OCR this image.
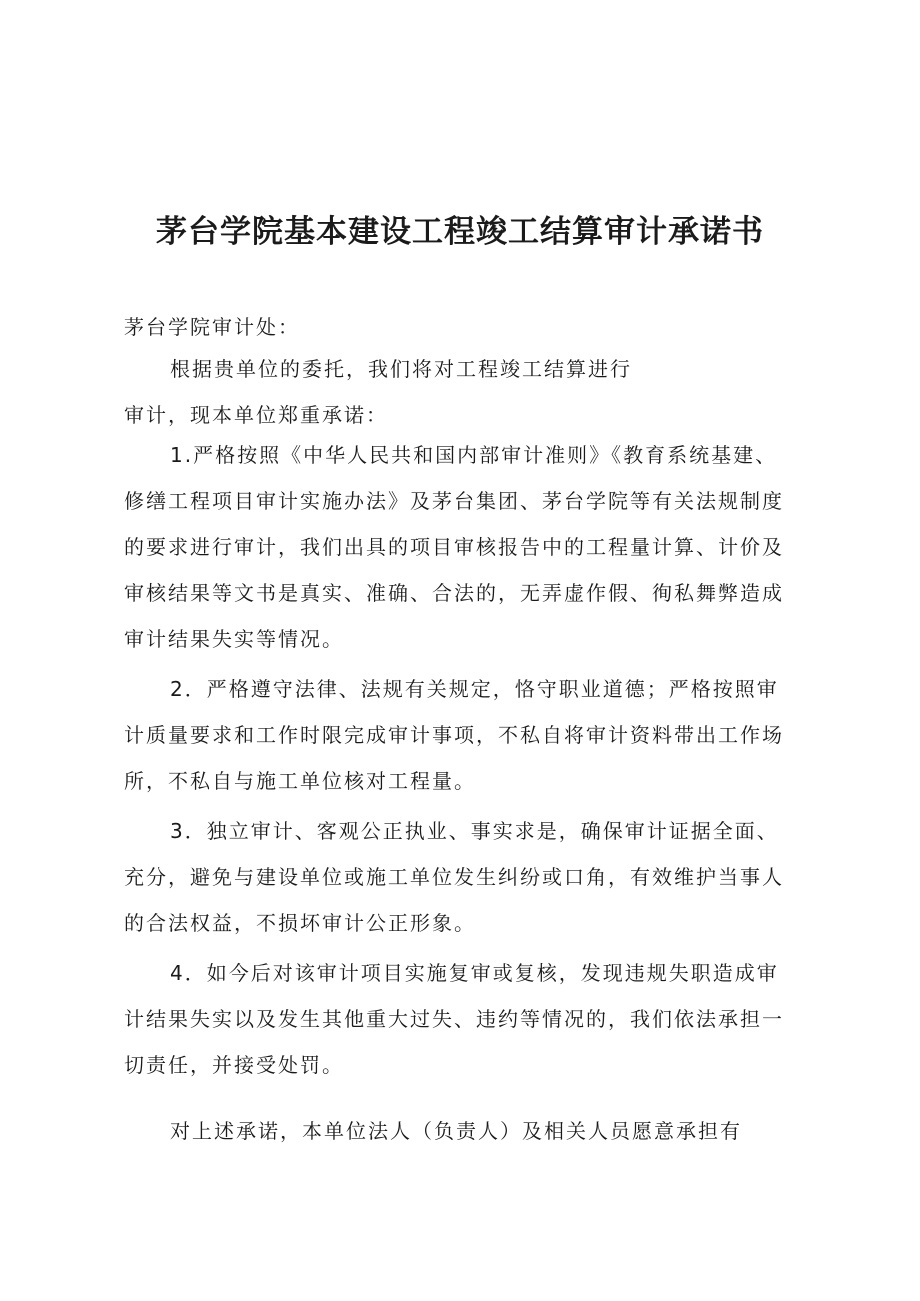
茅台学院基本建设工程竣工结算审计承诺书
茅台学院审计处：
根据贵单位的委托，我们将对工程竣工结算进行
审计，现本单位郑重承诺：
1.严格按照《中华人民共和国内部审计准则》《教育系统基建、
修缮工程项目审计实施办法》及茅台集团、茅台学院等有关法规制度
的要求进行审计，我们出具的项目审核报告中的工程量计算、计价及
审核结果等文书是真实、准确、合法的，无弄虚作假、徇私舞弊造成
审计结果失实等情况。
2．严格遵守法律、法规有关规定，恪守职业道德；严格按照审
计质量要求和工作时限完成审计事项，不私自将审计资料带出工作场
所，不私自与施工单位核对工程量。
3．独立审计、客观公正执业、事实求是，确保审计证据全面、
充分，避免与建设单位或施工单位发生纠纷或口角，有效维护当事人
的合法权益，不损坏审计公正形象。
4．如今后对该审计项目实施复审或复核，发现违规失职造成审
计结果失实以及发生其他重大过失、违约等情况的，我们依法承担一
切责任，并接受处罚。
对上述承诺，本单位法人（负责人）及相关人员愿意承担有
